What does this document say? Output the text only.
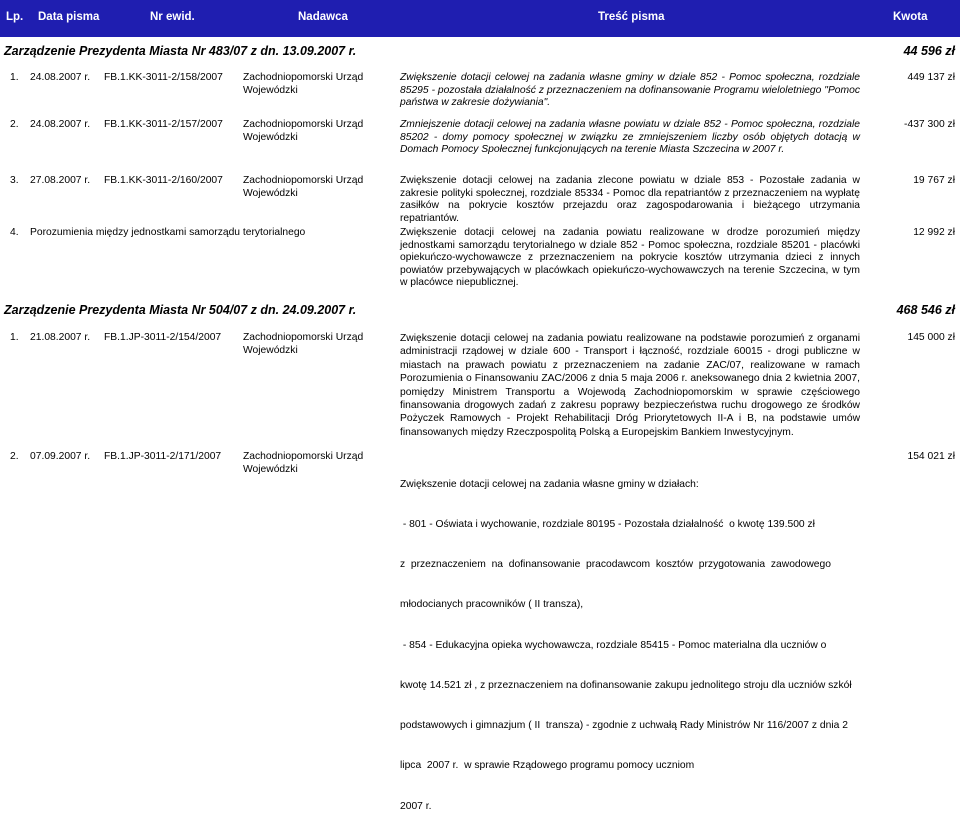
Lp. Data pisma	Nr ewid.	Nadawca	Treść pisma	Kwota
Zarządzenie Prezydenta Miasta Nr 483/07 z dn. 13.09.2007 r.	44 596 zł
1. 24.08.2007 r. FB.1.KK-3011-2/158/2007 Zachodniopomorski Urząd
Wojewódzki
Zwiększenie dotacji celowej na zadania własne gminy w dziale 852 - Pomoc społeczna, rozdziale 85295 - pozostała działalność z przeznaczeniem na dofinansowanie Programu wieloletniego "Pomoc państwa w zakresie dożywiania".
449 137 zł
2. 24.08.2007 r. FB.1.KK-3011-2/157/2007 Zachodniopomorski Urząd
Wojewódzki
Zmniejszenie dotacji celowej na zadania własne powiatu w dziale 852 - Pomoc społeczna, rozdziale 85202 - domy pomocy społecznej w związku ze zmniejszeniem liczby osób objętych dotacją w Domach Pomocy Społecznej funkcjonujących na terenie Miasta Szczecina w 2007 r.
-437 300 zł
3. 27.08.2007 r. FB.1.KK-3011-2/160/2007 Zachodniopomorski Urząd
Wojewódzki
Zwiększenie dotacji celowej na zadania zlecone powiatu w dziale 853 - Pozostałe zadania w zakresie polityki społecznej, rozdziale 85334 - Pomoc dla repatriantów z przeznaczeniem na wypłatę zasiłków na pokrycie kosztów przejazdu oraz zagospodarowania i bieżącego utrzymania repatriantów.
19 767 zł
4. Porozumienia między jednostkami samorządu terytorialnego	Zwiększenie dotacji celowej na zadania powiatu realizowane w drodze porozumień między jednostkami samorządu terytorialnego w dziale 852 - Pomoc społeczna, rozdziale 85201 - placówki opiekuńczo-wychowawcze z przeznaczeniem na pokrycie kosztów utrzymania dzieci z innych powiatów przebywających w placówkach opiekuńczo-wychowawczych na terenie Szczecina, w tym w placówce niepublicznej.
12 992 zł
Zarządzenie Prezydenta Miasta Nr 504/07 z dn. 24.09.2007 r.	468 546 zł
1. 21.08.2007 r. FB.1.JP-3011-2/154/2007 Zachodniopomorski Urząd
Wojewódzki
Zwiększenie dotacji celowej na zadania powiatu realizowane na podstawie porozumień z organami administracji rządowej w dziale 600 - Transport i łączność, rozdziale 60015 - drogi publiczne w miastach na prawach powiatu z przeznaczeniem na zadanie ZAC/07, realizowane w ramach Porozumienia o Finansowaniu ZAC/2006 z dnia 5 maja 2006 r. aneksowanego dnia 2 kwietnia 2007, pomiędzy Ministrem Transportu a Wojewodą Zachodniopomorskim w sprawie częściowego finansowania drogowych zadań z zakresu poprawy bezpieczeństwa ruchu drogowego ze środków Pożyczek Ramowych - Projekt Rehabilitacji Dróg Priorytetowych II-A i B, na podstawie umów finansowanych między Rzeczpospolitą Polską a Europejskim Bankiem Inwestycyjnym.
145 000 zł
2. 07.09.2007 r. FB.1.JP-3011-2/171/2007 Zachodniopomorski Urząd
Wojewódzki

Zwiększenie dotacji celowej na zadania własne gminy w działach:

- 801 - Oświata i wychowanie, rozdziale 80195 - Pozostała działalność  o kwotę 139.500 zł

z  przeznaczeniem  na  dofinansowanie  pracodawcom  kosztów  przygotowania  zawodowego

młodocianych pracowników ( II transza),

- 854 - Edukacyjna opieka wychowawcza, rozdziale 85415 - Pomoc materialna dla uczniów o

kwotę 14.521 zł , z przeznaczeniem na dofinansowanie zakupu jednolitego stroju dla uczniów szkół

podstawowych i gimnazjum ( II  transza) - zgodnie z uchwałą Rady Ministrów Nr 116/2007 z dnia 2

lipca  2007 r.  w sprawie Rządowego programu pomocy uczniom

2007 r.

154 021 zł
